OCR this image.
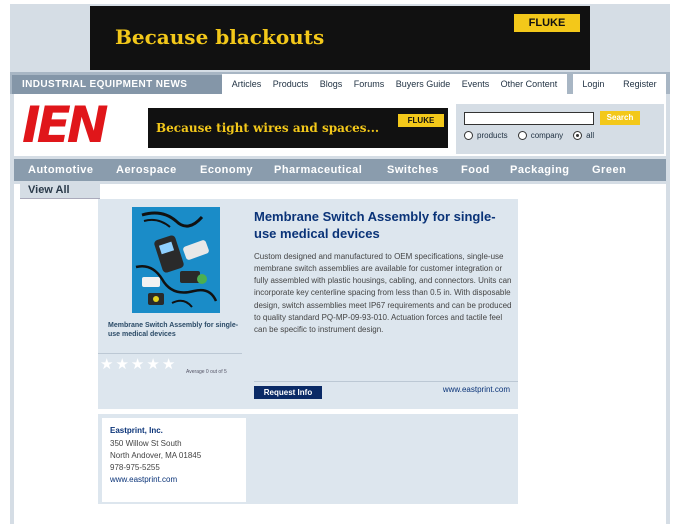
Because blackouts
FLUKE
INDUSTRIAL EQUIPMENT NEWS	Articles Products Blogs Forums Buyers Guide Events Other Content	Login Register
IEN	Because tight wires and spaces...
FLUKE	Search
products	company	all
Automotive Aerospace Economy Pharmaceutical Switches Food Packaging Green
Membrane Switch Assembly for single-use medical devices
★ ★ ★ ★ ★ Average 0 out of 5
Membrane Switch Assembly for single-use medical devices
Custom designed and manufactured to OEM specifications, single-use membrane switch assemblies are available for customer integration or fully assembled with plastic housings, cabling, and connectors. Units can incorporate key centerline spacing from less than 0.5 in. With disposable design, switch assemblies meet IP67 requirements and can be produced to quality standard PQ-MP-09-93-010. Actuation forces and tactile feel can be specific to instrument design.
Request Info	www.eastprint.com
Eastprint, Inc.
350 Willow St South
North Andover, MA 01845
978-975-5255
www.eastprint.com
View All
